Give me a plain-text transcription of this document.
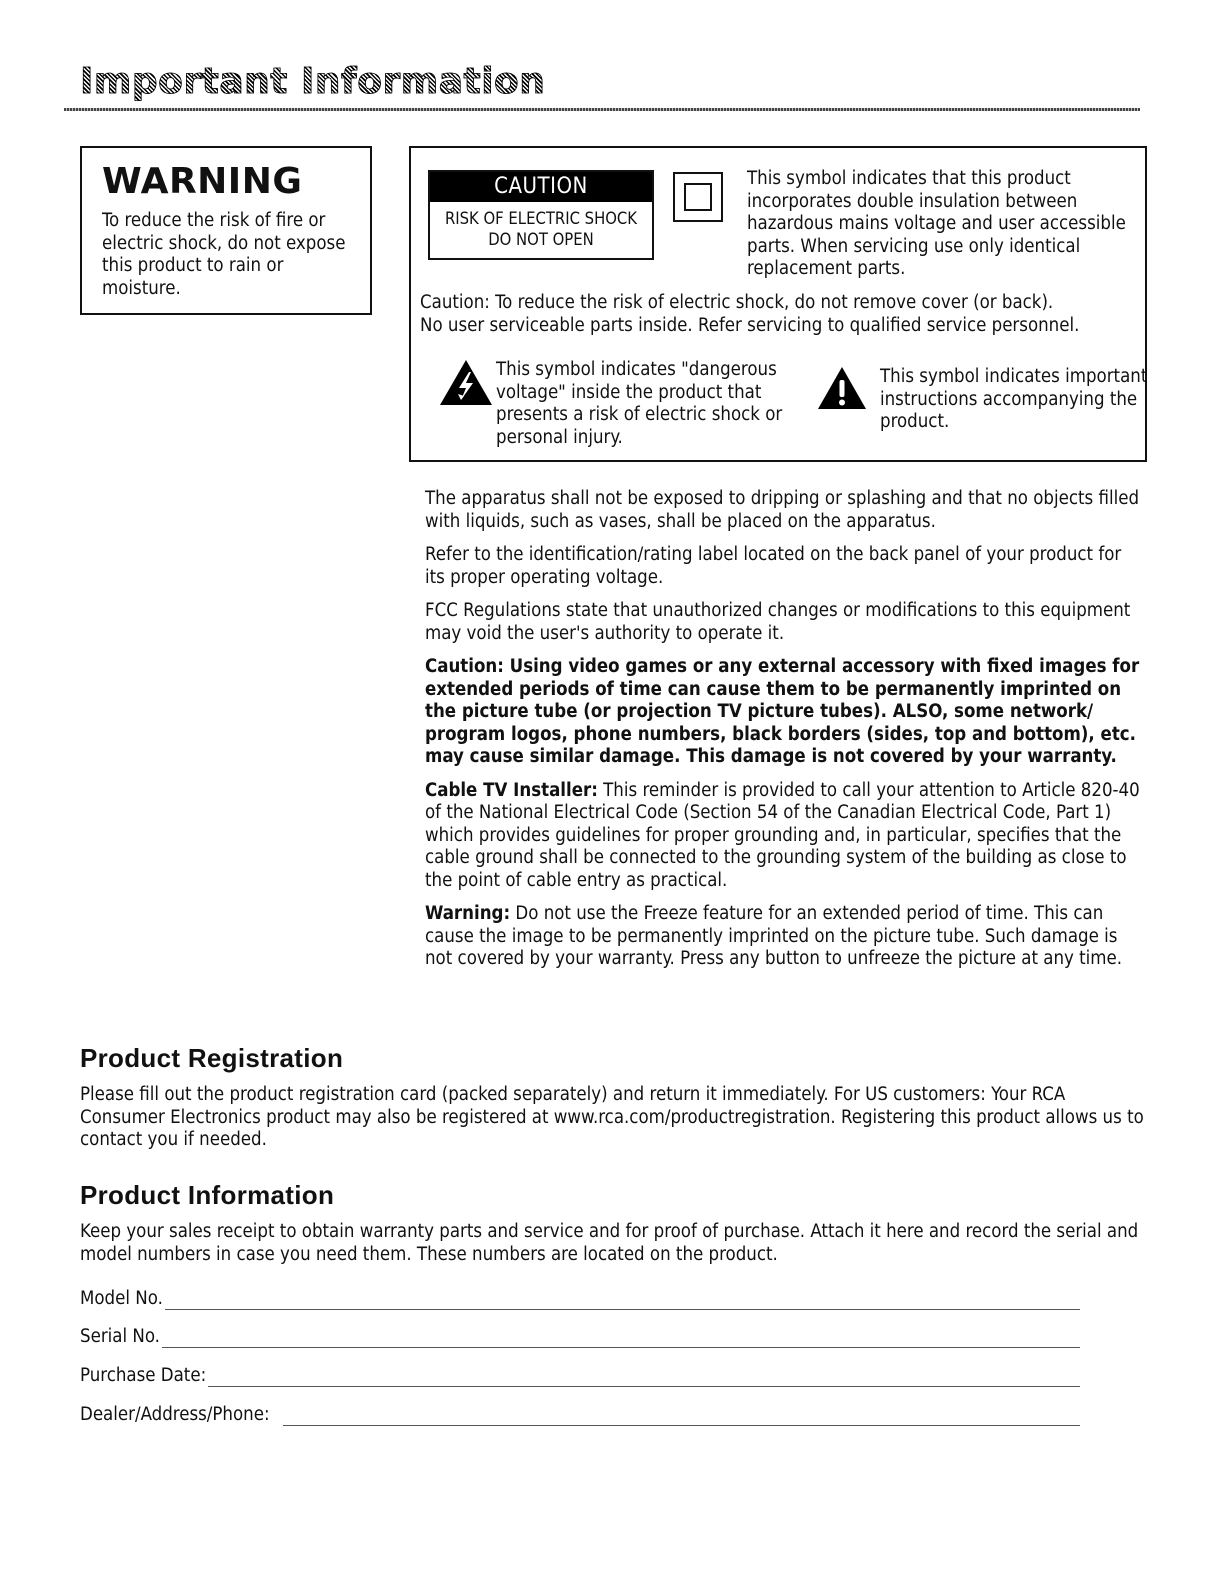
Important Information
WARNING
To reduce the risk of fire or electric shock, do not expose this product to rain or moisture.
CAUTION
RISK OF ELECTRIC SHOCK
DO NOT OPEN
This symbol indicates that this product incorporates double insulation between hazardous mains voltage and user accessible parts. When servicing use only identical replacement parts.
Caution: To reduce the risk of electric shock, do not remove cover (or back).
No user serviceable parts inside. Refer servicing to qualified service personnel.
This symbol indicates "dangerous voltage" inside the product that presents a risk of electric shock or personal injury.
This symbol indicates important instructions accompanying the product.

The apparatus shall not be exposed to dripping or splashing and that no objects filled with liquids, such as vases, shall be placed on the apparatus.

Refer to the identification/rating label located on the back panel of your product for its proper operating voltage.

FCC Regulations state that unauthorized changes or modifications to this equipment may void the user's authority to operate it.

Caution: Using video games or any external accessory with fixed images for extended periods of time can cause them to be permanently imprinted on the picture tube (or projection TV picture tubes). ALSO, some network/ program logos, phone numbers, black borders (sides, top and bottom), etc. may cause similar damage. This damage is not covered by your warranty.

Cable TV Installer: This reminder is provided to call your attention to Article 820-40 of the National Electrical Code (Section 54 of the Canadian Electrical Code, Part 1) which provides guidelines for proper grounding and, in particular, specifies that the cable ground shall be connected to the grounding system of the building as close to the point of cable entry as practical.

Warning: Do not use the Freeze feature for an extended period of time. This can cause the image to be permanently imprinted on the picture tube. Such damage is not covered by your warranty. Press any button to unfreeze the picture at any time.

Product Registration
Please fill out the product registration card (packed separately) and return it immediately. For US customers: Your RCA Consumer Electronics product may also be registered at www.rca.com/productregistration. Registering this product allows us to contact you if needed.
Product Information
Keep your sales receipt to obtain warranty parts and service and for proof of purchase. Attach it here and record the serial and model numbers in case you need them. These numbers are located on the product.
Model No.
Serial No.
Purchase Date:
Dealer/Address/Phone:
